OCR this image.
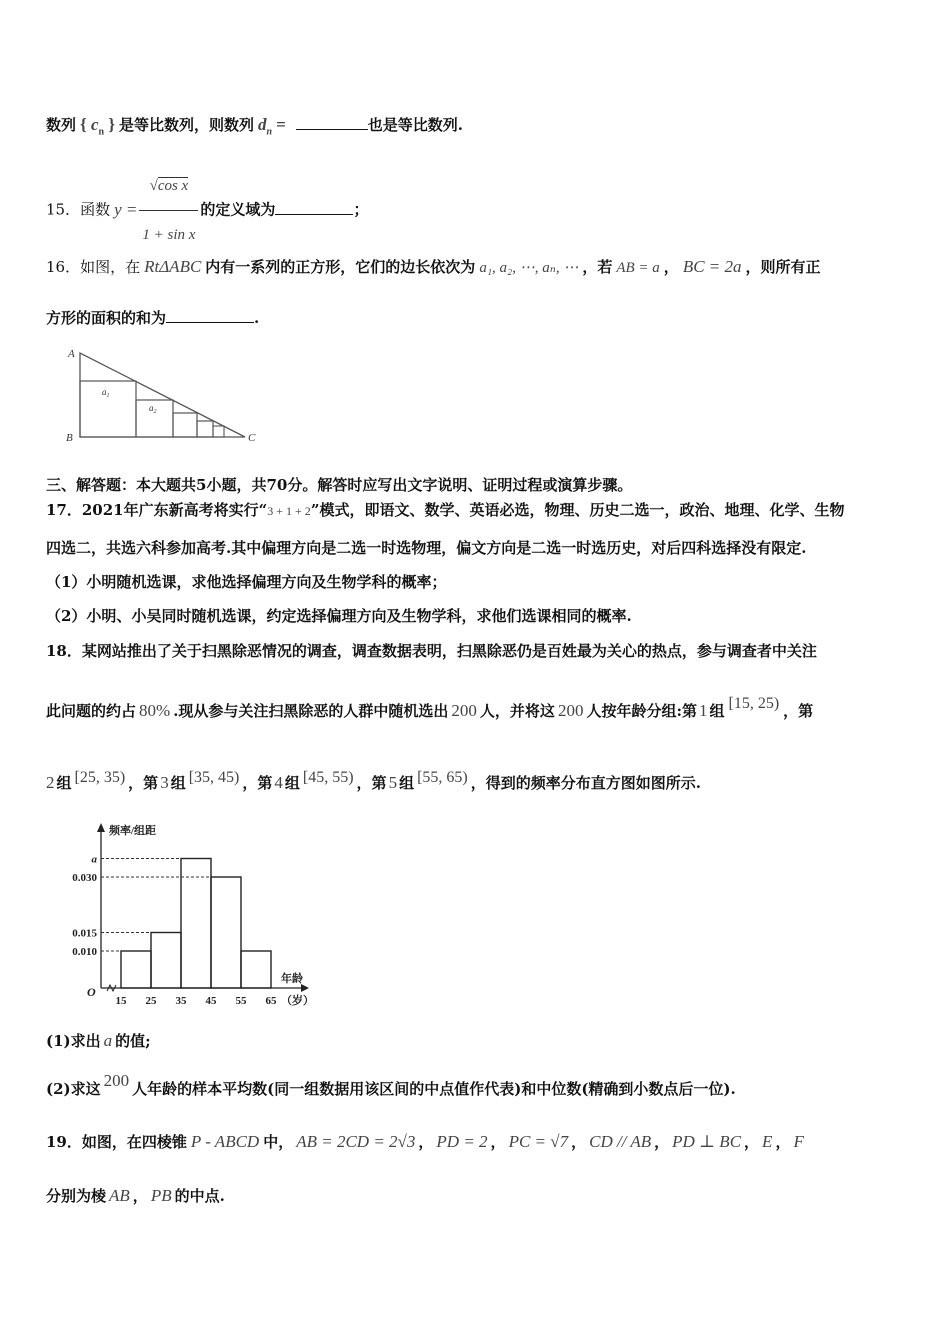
数列 { $c_n$ } 是等比数列，则数列 $d_n$ =	也是等比数列.
15．函数 $y = \frac{\text{√cos x}}{\text{1 + sin x}}$ 的定义域为	；
16．如图，在 RtΔABC 内有一系列的正方形，它们的边长依次为 a₁, a₂, ⋯, aₙ, ⋯ ，若 AB = a ， BC = 2a ，则所有正
方形的面积的和为	.
A
B	C
$a_1$
$a_2$
三、解答题：本大题共5小题，共70分。解答时应写出文字说明、证明过程或演算步骤。
17．2021年广东新高考将实行“3 + 1 + 2”模式，即语文、数学、英语必选，物理、历史二选一，政治、地理、化学、生物
四选二，共选六科参加高考.其中偏理方向是二选一时选物理，偏文方向是二选一时选历史，对后四科选择没有限定.
（1）小明随机选课，求他选择偏理方向及生物学科的概率；
（2）小明、小吴同时随机选课，约定选择偏理方向及生物学科，求他们选课相同的概率.
18．某网站推出了关于扫黑除恶情况的调查，调查数据表明，扫黑除恶仍是百姓最为关心的热点，参与调查者中关注
此问题的约占 80% .现从参与关注扫黑除恶的人群中随机选出 200 人，并将这 200 人按年龄分组:第 1 组 [15, 25) ，第
2 组 [25, 35) ，第 3 组 [35, 45) ，第 4 组 [45, 55) ，第 5 组 [55, 65) ，得到的频率分布直方图如图所示.
0.010
0.015
0.030
a
15 25 35 45 55 65 （岁）
O
频率/组距
年龄
(1)求出 a 的值;
(2)求这 200 人年龄的样本平均数(同一组数据用该区间的中点值作代表)和中位数(精确到小数点后一位).
19．如图，在四棱锥 P - ABCD 中， AB = 2CD = 2√3 ， PD = 2 ， PC = √7 ， CD // AB ， PD ⊥ BC ， E ， F
分别为棱 AB ， PB 的中点.
